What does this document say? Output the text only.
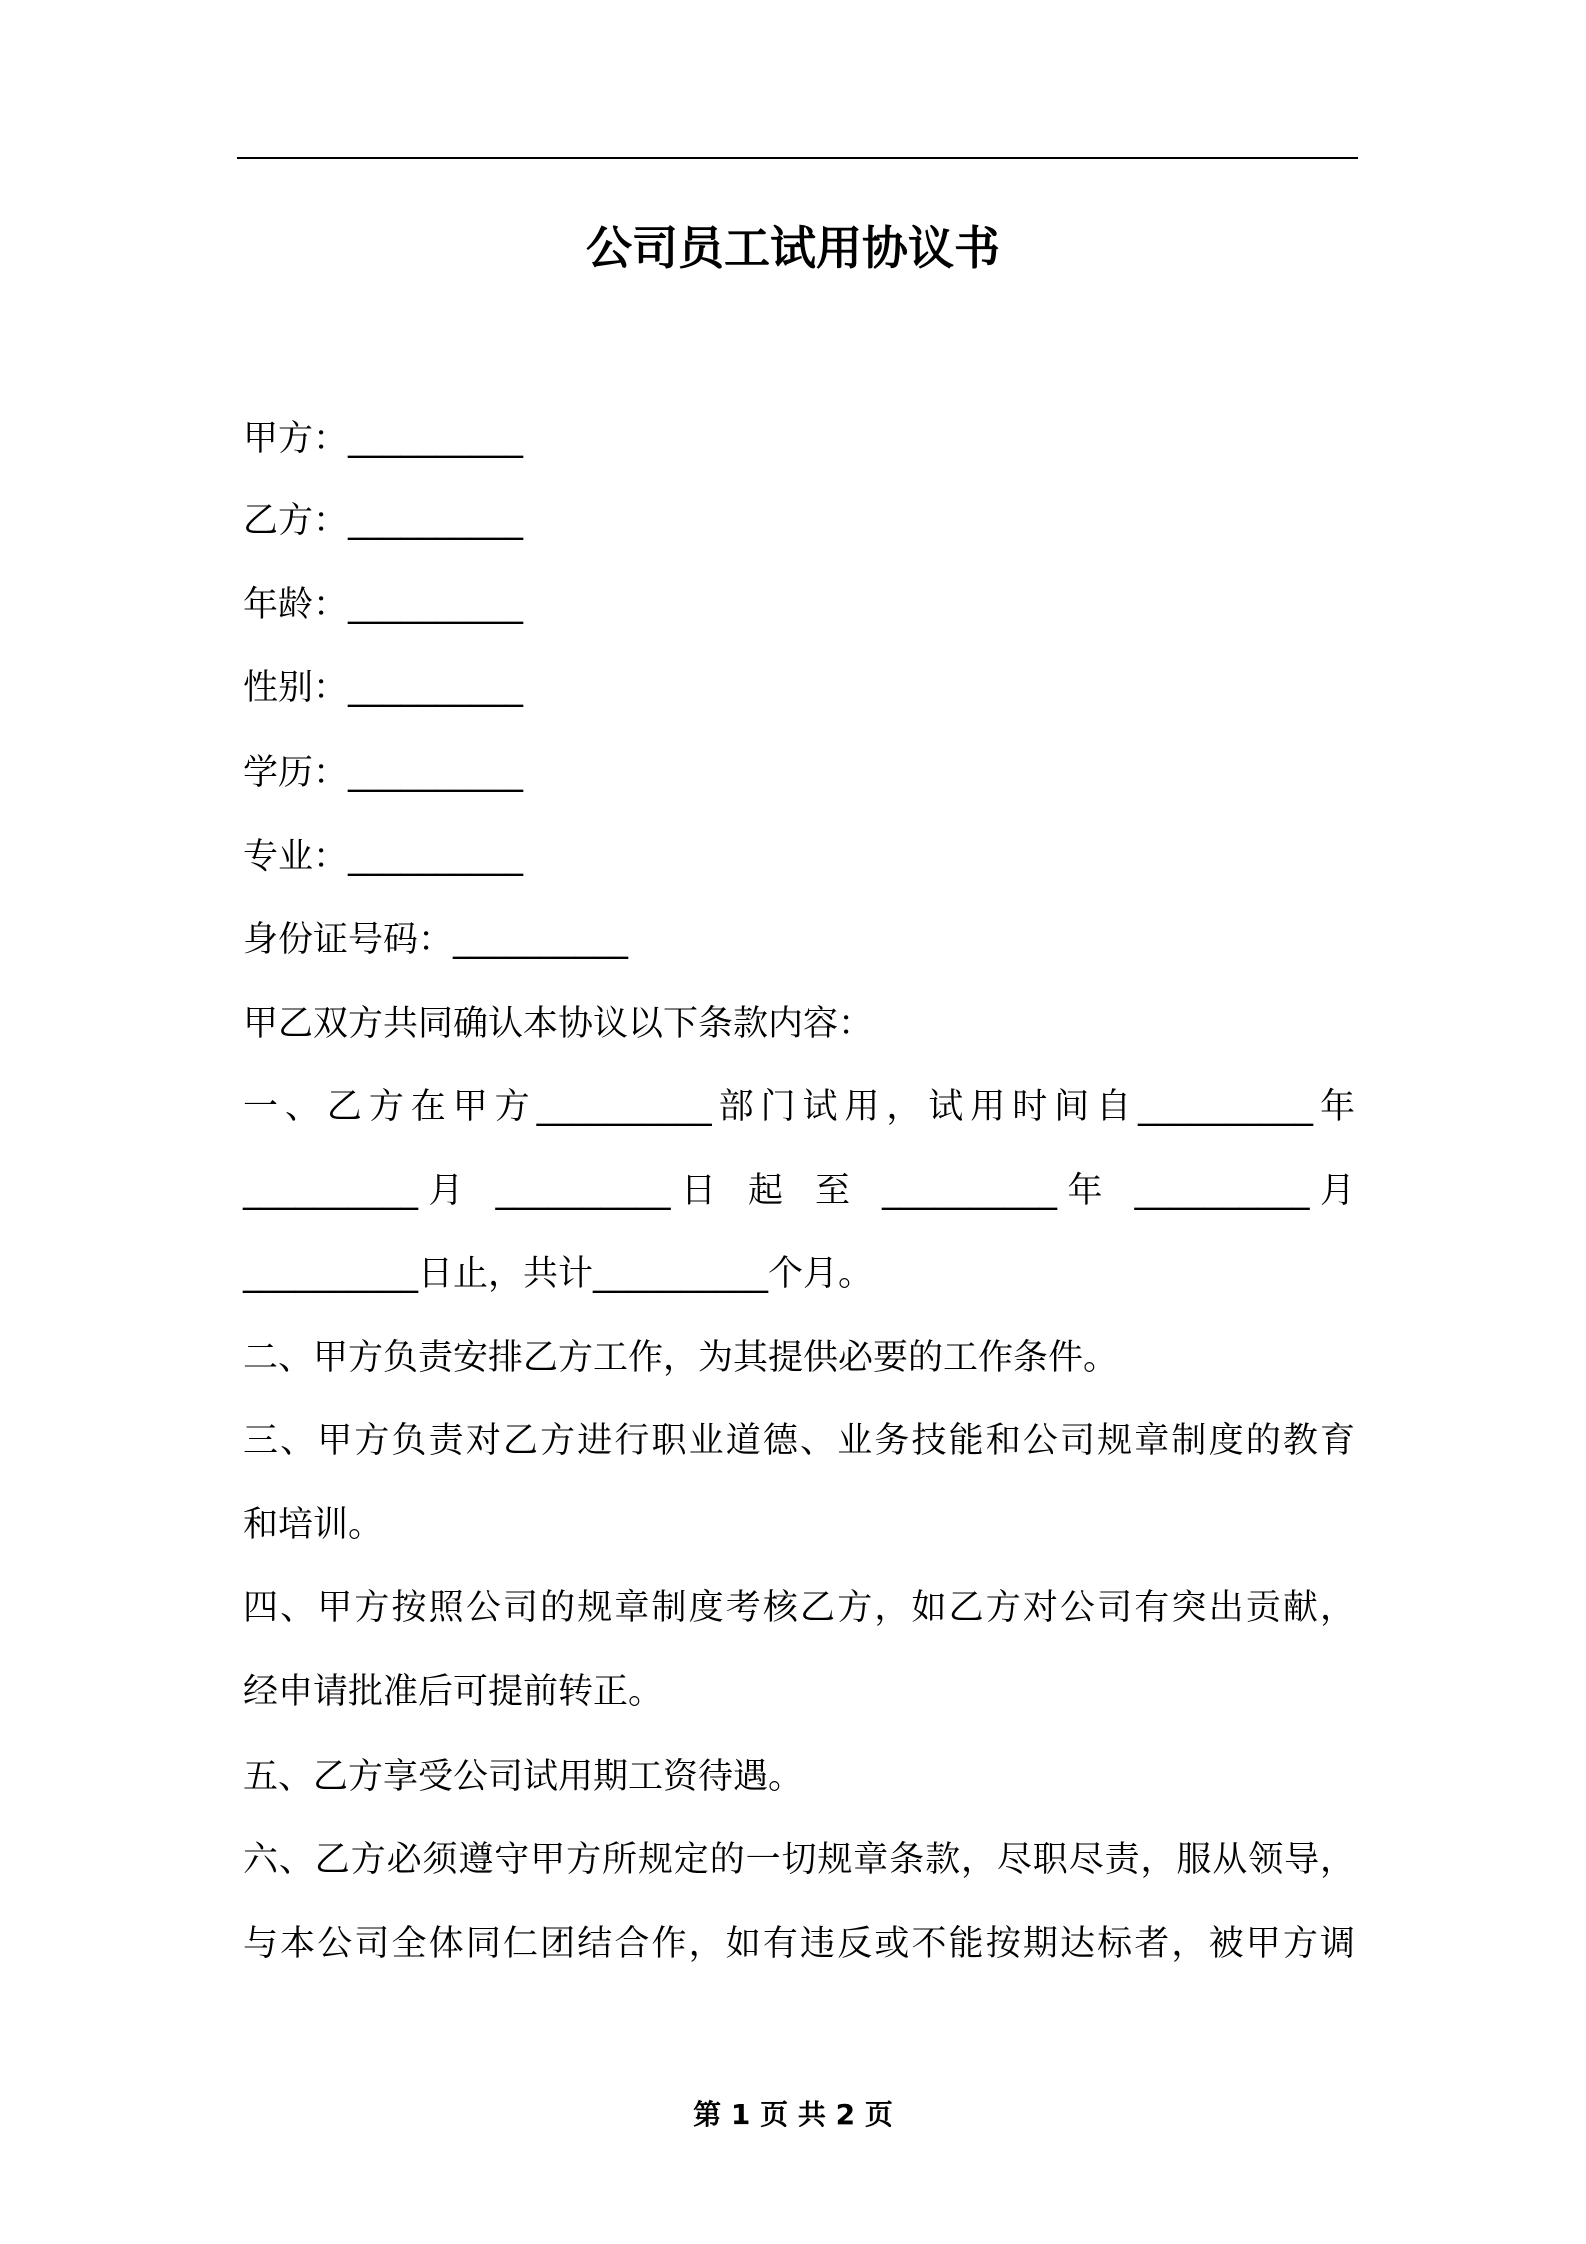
公司员工试用协议书
甲方：__________
乙方：__________
年龄：__________
性别：__________
学历：__________
专业：__________
身份证号码：__________
甲乙双方共同确认本协议以下条款内容：
一、乙方在甲方__________部门试用，试用时间自__________年
__________月 __________日 起 至 __________年 __________月
__________日止，共计__________个月。
二、甲方负责安排乙方工作，为其提供必要的工作条件。
三、甲方负责对乙方进行职业道德、业务技能和公司规章制度的教育
和培训。
四、甲方按照公司的规章制度考核乙方，如乙方对公司有突出贡献，
经申请批准后可提前转正。
五、乙方享受公司试用期工资待遇。
六、乙方必须遵守甲方所规定的一切规章条款，尽职尽责，服从领导，
与本公司全体同仁团结合作，如有违反或不能按期达标者，被甲方调
第 1 页 共 2 页
